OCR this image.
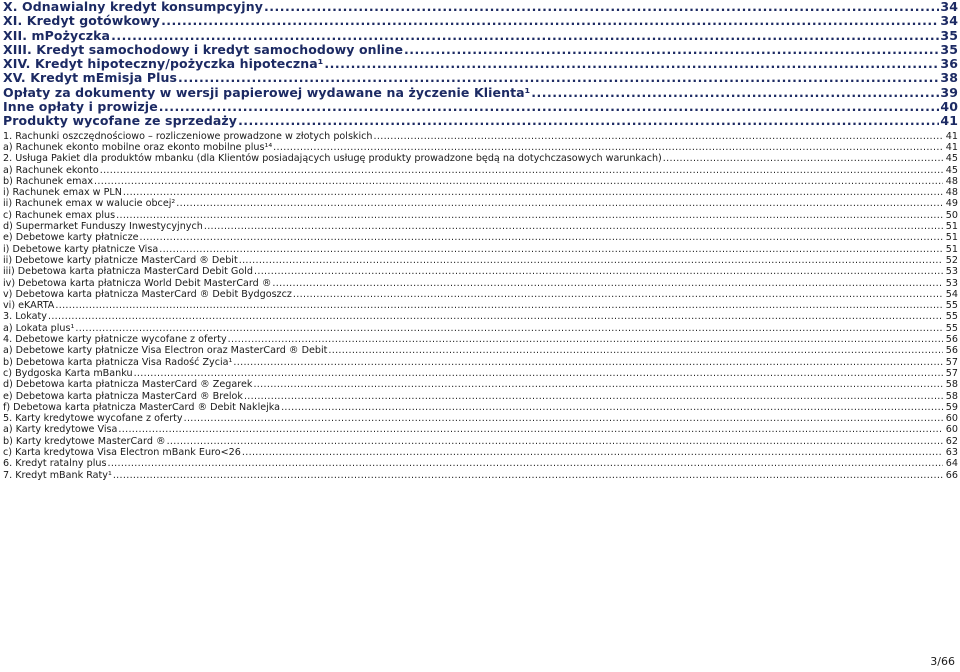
X. Odnawialny kredyt konsumpcyjny .....	34
XI. Kredyt gotówkowy .....	34
XII. mPożyczka .....	35
XIII. Kredyt samochodowy i kredyt samochodowy online .....	35
XIV. Kredyt hipoteczny/pożyczka hipoteczna¹ .....	36
XV. Kredyt mEmisja Plus .....	38
Opłaty za dokumenty w wersji papierowej wydawane na życzenie Klienta¹ .....	39
Inne opłaty i prowizje .....	40
Produkty wycofane ze sprzedaży .....	41
1. Rachunki oszczędnościowo – rozliczeniowe prowadzone w złotych polskich .....	41
a) Rachunek ekonto mobilne oraz ekonto mobilne plus¹⁴ .....	41
2. Usługa Pakiet dla produktów mbanku (dla Klientów posiadających usługę produkty prowadzone będą na dotychczasowych warunkach) .....	45
a) Rachunek ekonto .....	45
b) Rachunek emax .....	48
i) Rachunek emax w PLN .....	48
ii) Rachunek emax w walucie obcej² .....	49
c) Rachunek emax plus .....	50
d) Supermarket Funduszy Inwestycyjnych .....	51
e) Debetowe karty płatnicze .....	51
i) Debetowe karty płatnicze Visa .....	51
ii) Debetowe karty płatnicze MasterCard ® Debit .....	52
iii) Debetowa karta płatnicza MasterCard Debit Gold .....	53
iv) Debetowa karta płatnicza World Debit MasterCard ® .....	53
v) Debetowa karta płatnicza MasterCard ® Debit Bydgoszcz .....	54
vi) eKARTA .....	55
3. Lokaty .....	55
a) Lokata plus¹ .....	55
4. Debetowe karty płatnicze wycofane z oferty .....	56
a) Debetowe karty płatnicze Visa Electron oraz MasterCard ® Debit .....	56
b) Debetowa karta płatnicza Visa Radość Życia¹ .....	57
c) Bydgoska Karta mBanku .....	57
d) Debetowa karta płatnicza MasterCard ® Zegarek .....	58
e) Debetowa karta płatnicza MasterCard ® Brelok .....	58
f) Debetowa karta płatnicza MasterCard ® Debit Naklejka .....	59
5. Karty kredytowe wycofane z oferty .....	60
a) Karty kredytowe Visa .....	60
b) Karty kredytowe MasterCard ® .....	62
c) Karta kredytowa Visa Electron mBank Euro<26 .....	63
6. Kredyt ratalny plus .....	64
7. Kredyt mBank Raty¹ .....	66
3/66
